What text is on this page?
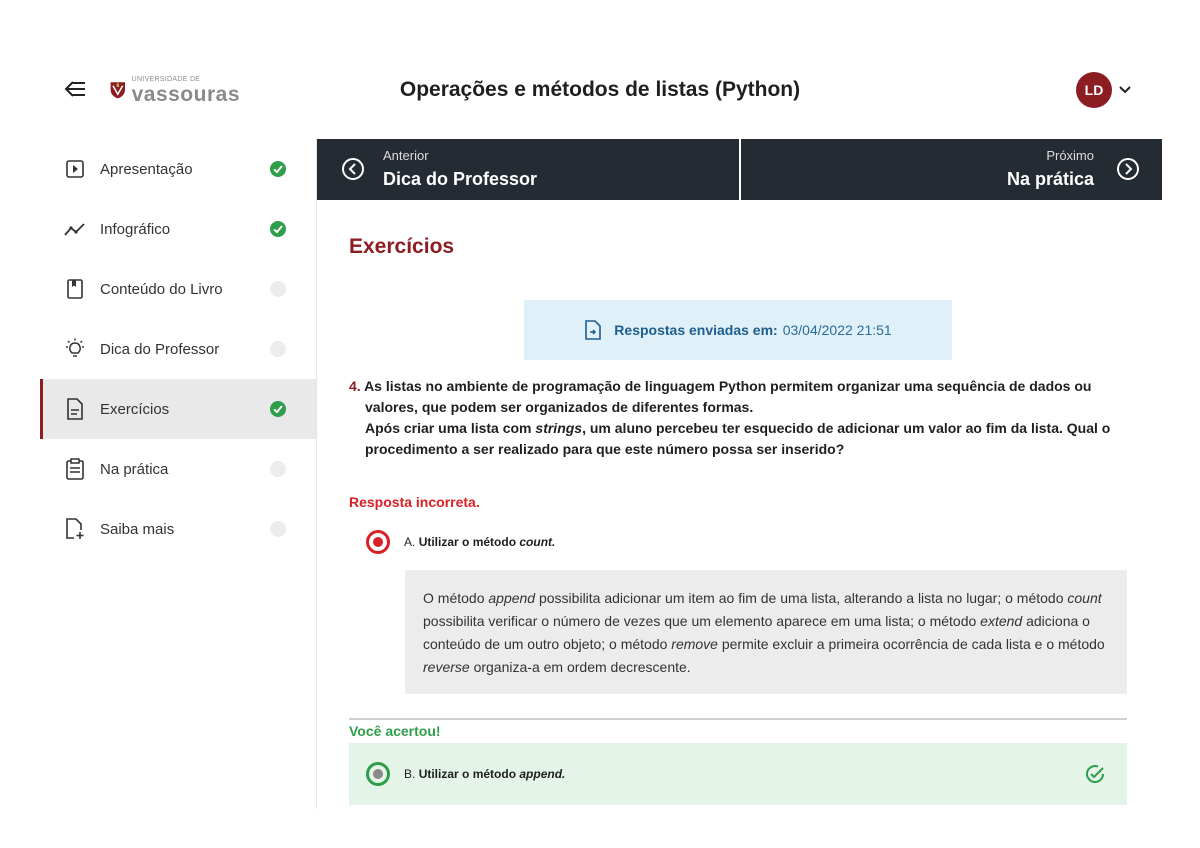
UNIVERSIDADE DE
vassouras	Operações e métodos de listas (Python)	LD
Apresentação
Infográfico
Conteúdo do Livro
Dica do Professor
Exercícios
Na prática
Saiba mais
Anterior
Dica do Professor
Próximo
Na prática
Exercícios
Respostas enviadas em: 03/04/2022 21:51
4. As listas no ambiente de programação de linguagem Python permitem organizar uma sequência de dados ou valores, que podem ser organizados de diferentes formas.
Após criar uma lista com strings, um aluno percebeu ter esquecido de adicionar um valor ao fim da lista. Qual o procedimento a ser realizado para que este número possa ser inserido?
Resposta incorreta.
A. Utilizar o método count.
O método append possibilita adicionar um item ao fim de uma lista, alterando a lista no lugar; o método count possibilita verificar o número de vezes que um elemento aparece em uma lista; o método extend adiciona o conteúdo de um outro objeto; o método remove permite excluir a primeira ocorrência de cada lista e o método reverse organiza-a em ordem decrescente.
Você acertou!
B. Utilizar o método append.
